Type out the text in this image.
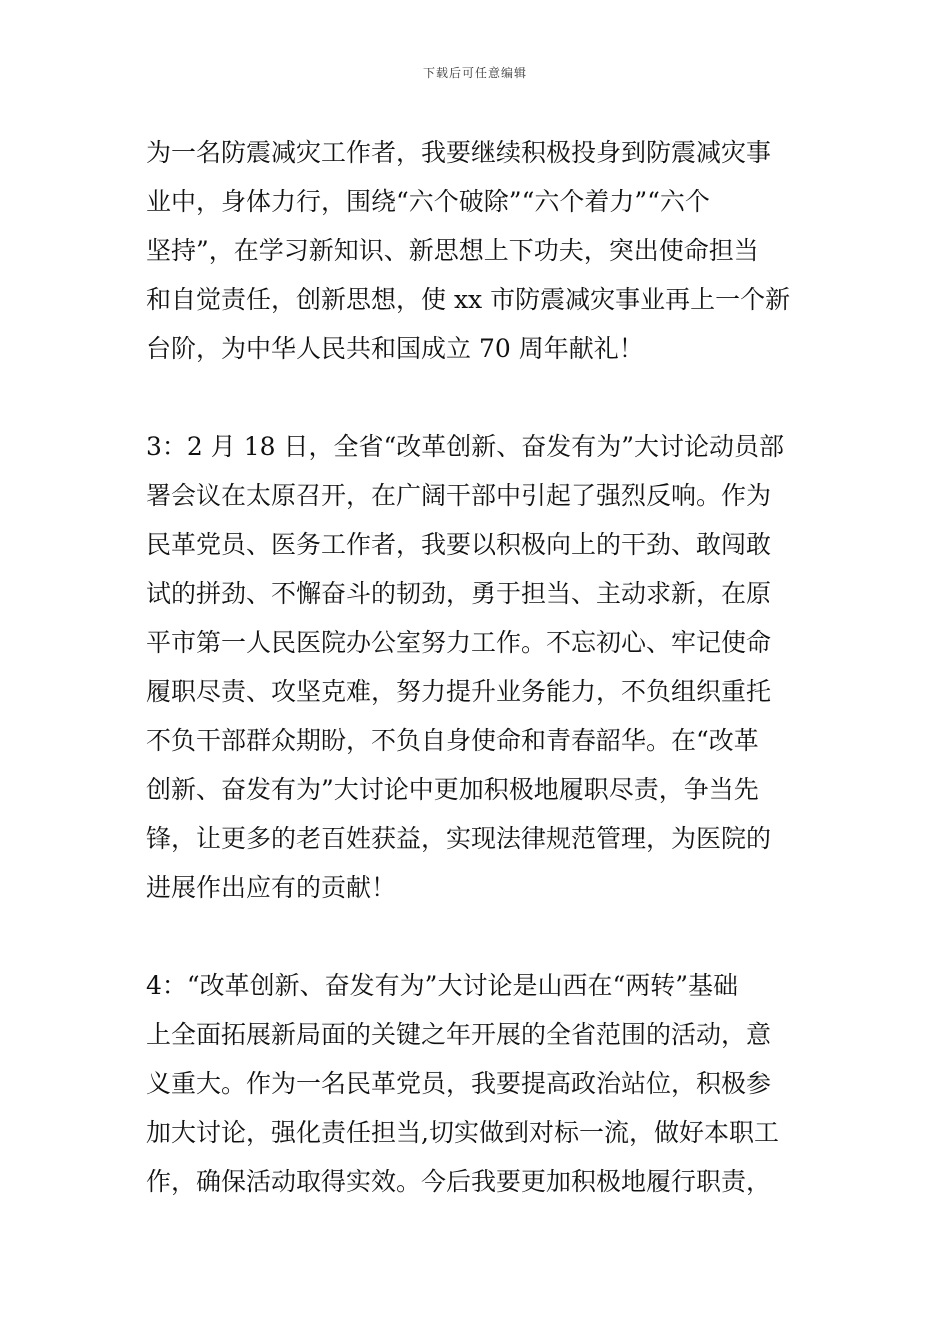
下载后可任意编辑
为一名防震减灾工作者，我要继续积极投身到防震减灾事
业中，身体力行，围绕“六个破除”“六个着力”“六个
坚持”，在学习新知识、新思想上下功夫，突出使命担当
和自觉责任，创新思想，使 xx 市防震减灾事业再上一个新
台阶，为中华人民共和国成立 70 周年献礼！
3：2 月 18 日，全省“改革创新、奋发有为”大讨论动员部
署会议在太原召开，在广阔干部中引起了强烈反响。作为
民革党员、医务工作者，我要以积极向上的干劲、敢闯敢
试的拼劲、不懈奋斗的韧劲，勇于担当、主动求新，在原
平市第一人民医院办公室努力工作。不忘初心、牢记使命
履职尽责、攻坚克难，努力提升业务能力，不负组织重托
不负干部群众期盼，不负自身使命和青春韶华。在“改革
创新、奋发有为”大讨论中更加积极地履职尽责，争当先
锋，让更多的老百姓获益，实现法律规范管理，为医院的
进展作出应有的贡献！
4：“改革创新、奋发有为”大讨论是山西在“两转”基础
上全面拓展新局面的关键之年开展的全省范围的活动，意
义重大。作为一名民革党员，我要提高政治站位，积极参
加大讨论，强化责任担当,切实做到对标一流，做好本职工
作，确保活动取得实效。今后我要更加积极地履行职责，
